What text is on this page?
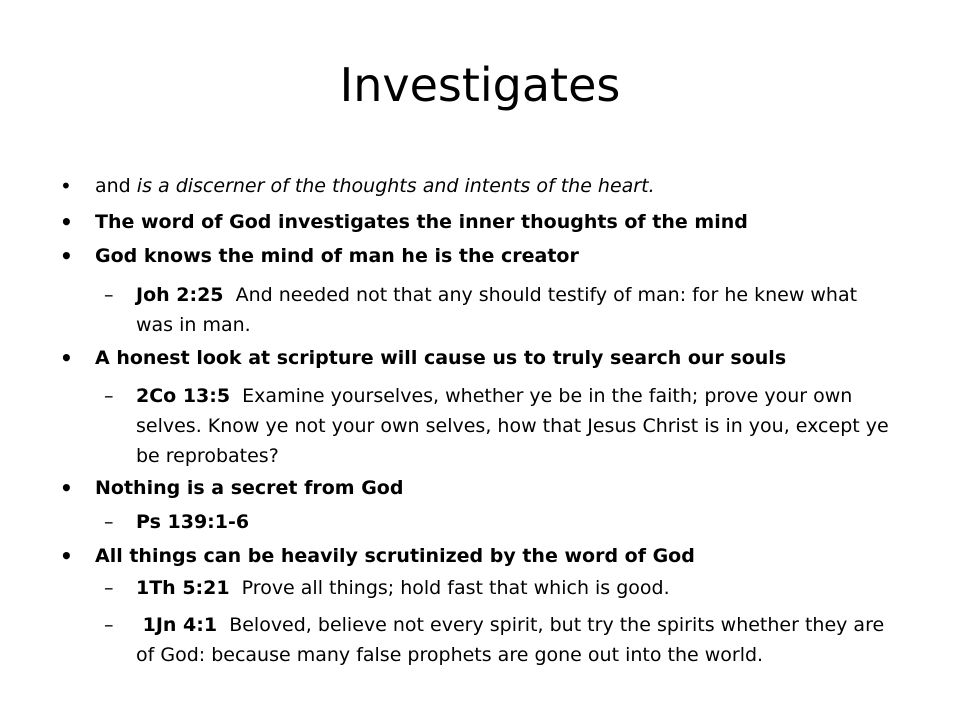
Investigates
• and is a discerner of the thoughts and intents of the heart.
• The word of God investigates the inner thoughts of the mind
• God knows the mind of man he is the creator
– Joh 2:25  And needed not that any should testify of man: for he knew what was in man.
• A honest look at scripture will cause us to truly search our souls
– 2Co 13:5  Examine yourselves, whether ye be in the faith; prove your own selves. Know ye not your own selves, how that Jesus Christ is in you, except ye be reprobates?
• Nothing is a secret from God
– Ps 139:1-6
• All things can be heavily scrutinized by the word of God
– 1Th 5:21  Prove all things; hold fast that which is good.
– 1Jn 4:1  Beloved, believe not every spirit, but try the spirits whether they are of God: because many false prophets are gone out into the world.
